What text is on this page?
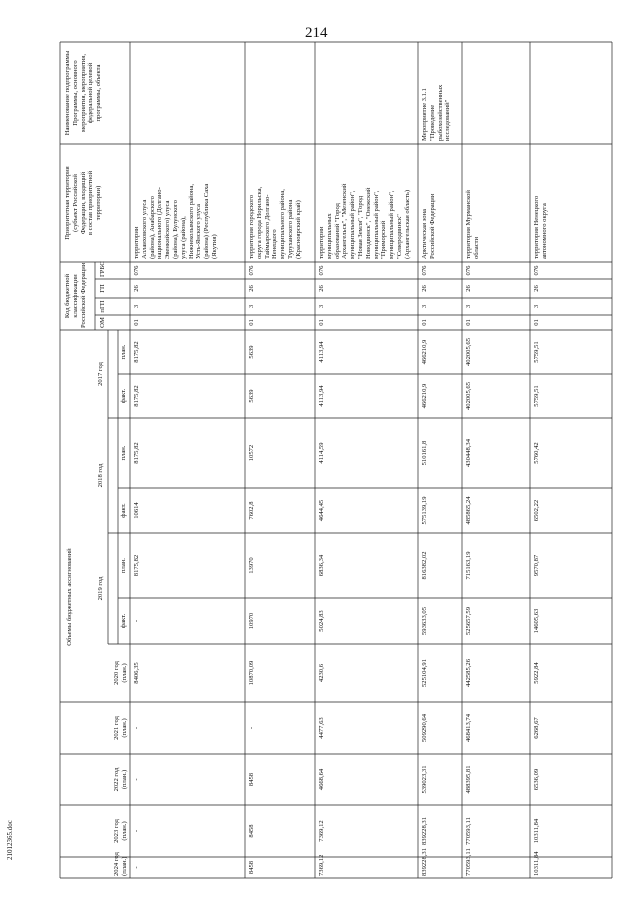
214
Наименование подпрограммы Программы, основного мероприятия, мероприятия, федеральной целевой программы, объекта
Приоритетная территория (субъект Российской Федерации, входящий в состав приоритетной территории)
Код бюджетной классификации Российской Федерации ГРБС
ГП
пГП
ОМ
Объемы бюджетных ассигнований
2017 год
2018 год
2019 год
план.
факт.
план.
факт.
план.
факт.
2020 год (план.)
2021 год (план.)
2022 год (план.)
2023 год (план.)
2024 год (план.)
территории Аллаиховского улуса (района), Анабарского национального (Долгано- Эвенкийского) улуса (района), Булунского улуса (района), Нижнеколымского района, Усть-Янского улуса (района) (Республика Саха (Якутия)
076
26
3
01
8175,82
8175,82
8175,82
10614
8175,82
-
8406,35
-
-
-
-
территория городского округа города Норильска, Таймырского Долгано- Ненецкого муниципального района, Туруханского района (Красноярский край)
076
26
3
01
5639
5639
10572
7602,8
13970
10970
10870,09
-
8458
8458
8458
территории муниципальных образований "Город Архангельск", "Мезенский муниципальный район", "Новая Земля", "Город Новодвинск", "Онежский муниципальный район", "Приморский муниципальный район", "Северодвинск" (Архангельская область)
076
26
3
01
4113,94
4113,94
4114,59
4644,45
6836,34
5024,83
4230,6
4477,63
4668,64
7369,12
7369,12
Мероприятие 3.1.1 "Проведение рыбохозяйственных исследований"
Арктическая зона Российской Федерации
076
26
3
01
466210,9
466210,9
510161,8
575139,19
816382,02
593633,05
525104,91
509290,64
539023,31
839228,31
839228,31
территория Мурманской области
076
26
3
01
402005,65
402005,65
430448,34
485865,24
715163,19
525657,59
442585,26
468413,74
488395,81
770593,11
770593,11
территория Ненецкого автономного округа
076
26
3
01
5759,51
5759,51
5760,42
6502,22
9570,87
14605,63
5922,84
6268,67
6536,09
10311,84
10311,84
21012365.doc
